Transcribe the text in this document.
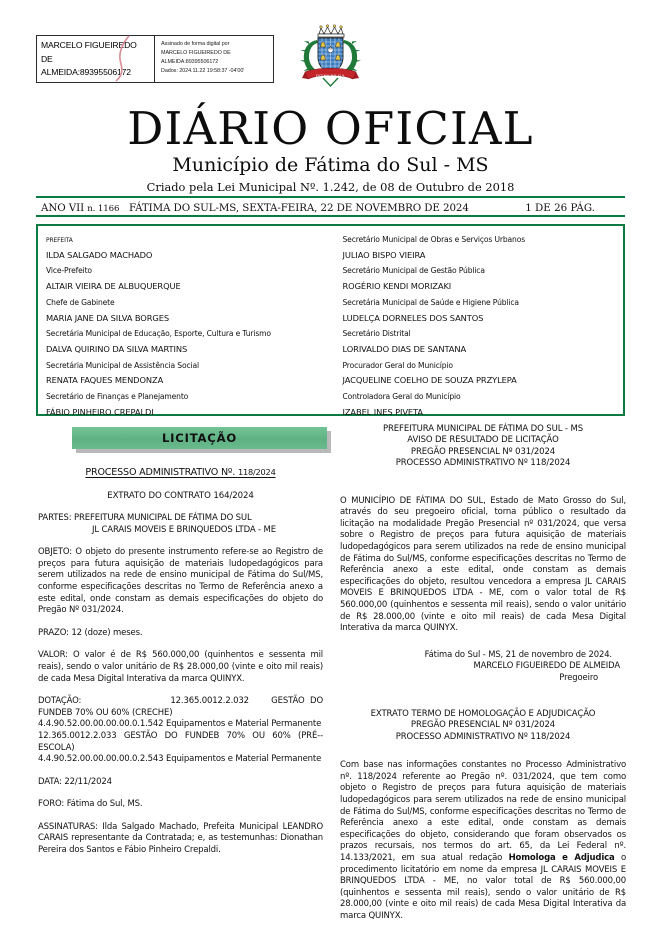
MARCELO FIGUEIREDO
DE
ALMEIDA:89395506172
Assinado de forma digital por
MARCELO FIGUEIREDO DE
ALMEIDA:89395506172
Dados: 2024.11.22 19:58:37 -04'00'
FATIMA DO SUL
DIÁRIO OFICIAL
Município de Fátima do Sul - MS
Criado pela Lei Municipal Nº. 1.242, de 08 de Outubro de 2018
ANO VII n. 1166 FÁTIMA DO SUL-MS, SEXTA-FEIRA, 22 DE NOVEMBRO DE 2024	1 DE 26 PÁG.
prefeita
ILDA SALGADO MACHADO
Vice-Prefeito
ALTAIR VIEIRA DE ALBUQUERQUE
Chefe de Gabinete
MARIA JANE DA SILVA BORGES
Secretária Municipal de Educação, Esporte, Cultura e Turismo
DALVA QUIRINO DA SILVA MARTINS
Secretária Municipal de Assistência Social
RENATA FAQUES MENDONZA
Secretário de Finanças e Planejamento
FÁBIO PINHEIRO CREPALDI
Secretário Municipal de Obras e Serviços Urbanos
JULIAO BISPO VIEIRA
Secretário Municipal de Gestão Pública
ROGÉRIO KENDI MORIZAKI
Secretária Municipal de Saúde e Higiene Pública
LUDELÇA DORNELES DOS SANTOS
Secretário Distrital
LORIVALDO DIAS DE SANTANA
Procurador Geral do Município
JACQUELINE COELHO DE SOUZA PRZYLEPA
Controladora Geral do Município
IZABEL INES PIVETA
LICITAÇÃO
PROCESSO ADMINISTRATIVO Nº. 118/2024
EXTRATO DO CONTRATO 164/2024
PARTES: PREFEITURA MUNICIPAL DE FÁTIMA DO SUL
JL CARAIS MOVEIS E BRINQUEDOS LTDA - ME
OBJETO: O objeto do presente instrumento refere-se ao Registro de preços para futura aquisição de materiais ludopedagógicos para serem utilizados na rede de ensino municipal de Fátima do Sul/MS, conforme especificações descritas no Termo de Referência anexo a este edital, onde constam as demais especificações do objeto do Pregão Nº 031/2024.
PRAZO: 12 (doze) meses.
VALOR: O valor é de R$ 560.000,00 (quinhentos e sessenta mil reais), sendo o valor unitário de R$ 28.000,00 (vinte e oito mil reais) de cada Mesa Digital Interativa da marca QUINYX.
DOTAÇÃO:	12.365.0012.2.032	GESTÃO DO FUNDEB 70% OU 60% (CRECHE)
4.4.90.52.00.00.00.00.0.1.542 Equipamentos e Material Permanente
12.365.0012.2.033 GESTÃO DO FUNDEB 70% OU 60% (PRÉ--ESCOLA)
4.4.90.52.00.00.00.00.0.2.543 Equipamentos e Material Permanente
DATA: 22/11/2024
FORO: Fátima do Sul, MS.
ASSINATURAS: Ilda Salgado Machado, Prefeita Municipal LEANDRO CARAIS representante da Contratada; e, as testemunhas: Dionathan Pereira dos Santos e Fábio Pinheiro Crepaldi.
PREFEITURA MUNICIPAL DE FÁTIMA DO SUL - MS
AVISO DE RESULTADO DE LICITAÇÃO
PREGÃO PRESENCIAL Nº 031/2024
PROCESSO ADMINISTRATIVO Nº 118/2024
O MUNICÍPIO DE FÁTIMA DO SUL, Estado de Mato Grosso do Sul, através do seu pregoeiro oficial, torna público o resultado da licitação na modalidade Pregão Presencial nº 031/2024, que versa sobre o Registro de preços para futura aquisição de materiais ludopedagógicos para serem utilizados na rede de ensino municipal de Fátima do Sul/MS, conforme especificações descritas no Termo de Referência anexo a este edital, onde constam as demais especificações do objeto, resultou vencedora a empresa JL CARAIS MOVEIS E BRINQUEDOS LTDA - ME, com o valor total de R$ 560.000,00 (quinhentos e sessenta mil reais), sendo o valor unitário de R$ 28.000,00 (vinte e oito mil reais) de cada Mesa Digital Interativa da marca QUINYX.
Fátima do Sul - MS, 21 de novembro de 2024.
MARCELO FIGUEIREDO DE ALMEIDA
Pregoeiro
EXTRATO TERMO DE HOMOLOGAÇÃO E ADJUDICAÇÃO
PREGÃO PRESENCIAL Nº 031/2024
PROCESSO ADMINISTRATIVO Nº 118/2024
Com base nas informações constantes no Processo Administrativo nº. 118/2024 referente ao Pregão nº. 031/2024, que tem como objeto o Registro de preços para futura aquisição de materiais ludopedagógicos para serem utilizados na rede de ensino municipal de Fátima do Sul/MS, conforme especificações descritas no Termo de Referência anexo a este edital, onde constam as demais especificações do objeto, considerando que foram observados os prazos recursais, nos termos do art. 65, da Lei Federal nº. 14.133/2021, em sua atual redação Homologa e Adjudica o procedimento licitatório em nome da empresa JL CARAIS MOVEIS E BRINQUEDOS LTDA - ME, no valor total de R$ 560.000,00 (quinhentos e sessenta mil reais), sendo o valor unitário de R$ 28.000,00 (vinte e oito mil reais) de cada Mesa Digital Interativa da marca QUINYX.
